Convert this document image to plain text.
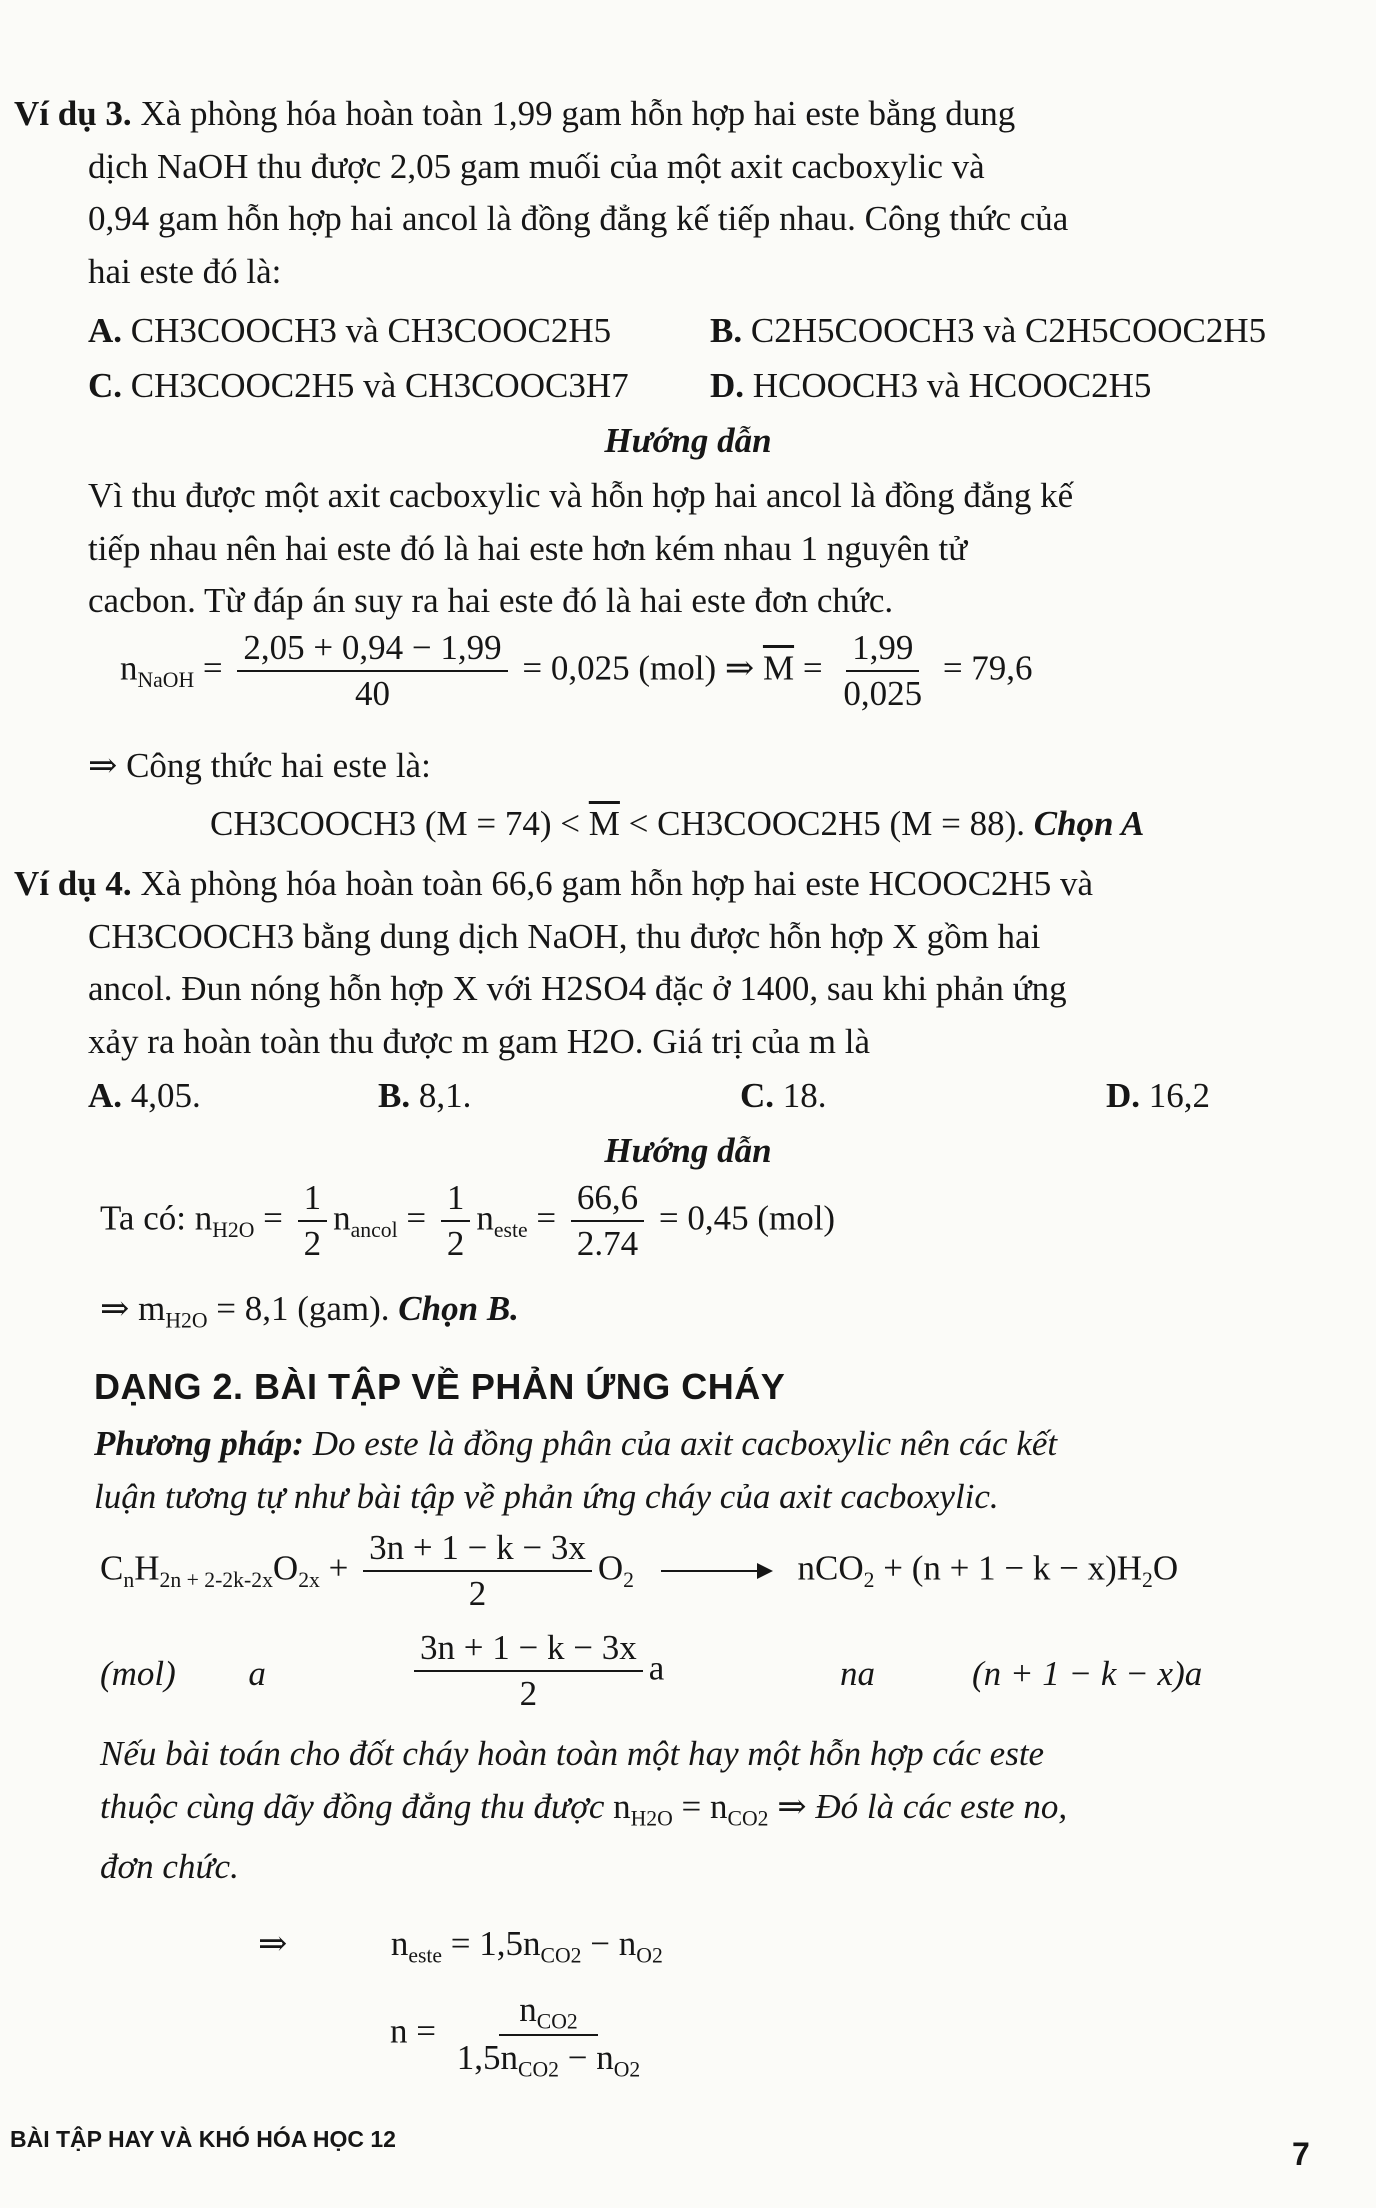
Ví dụ 3. Xà phòng hóa hoàn toàn 1,99 gam hỗn hợp hai este bằng dung

dịch NaOH thu được 2,05 gam muối của một axit cacboxylic và

0,94 gam hỗn hợp hai ancol là đồng đẳng kế tiếp nhau. Công thức của

hai este đó là:

A. CH3COOCH3 và CH3COOC2H5	B. C2H5COOCH3 và C2H5COOC2H5
C. CH3COOC2H5 và CH3COOC3H7 D. HCOOCH3 và HCOOC2H5
Hướng dẫn

Vì thu được một axit cacboxylic và hỗn hợp hai ancol là đồng đẳng kế

tiếp nhau nên hai este đó là hai este hơn kém nhau 1 nguyên tử

cacbon. Từ đáp án suy ra hai este đó là hai este đơn chức.

$n_{NaOH} = \frac{2,05 + 0,94 - 1,99}{40} = 0,025$ (mol) ⇒ $\overline{M} = \frac{1,99}{0,025} = 79,6$
⇒ Công thức hai este là:
CH3COOCH3 $(M = 74) < \overline{M}$ < CH3COOC2H5 (M = 88). Chọn A

Ví dụ 4. Xà phòng hóa hoàn toàn 66,6 gam hỗn hợp hai este HCOOC2H5 và

CH3COOCH3 bằng dung dịch NaOH, thu được hỗn hợp X gồm hai

ancol. Đun nóng hỗn hợp X với H2SO4 đặc ở 1400, sau khi phản ứng

xảy ra hoàn toàn thu được m gam H2O. Giá trị của m là

A. 4,05.	B. 8,1.	C. 18.	D. 16,2
Hướng dẫn
Ta có: $n_{H2O} = \frac{1}{2} n_{ancol} = \frac{1}{2} n_{este} = \frac{66,6}{2.74} = 0,45$ (mol)
⇒ $m_{H2O} = 8,1$ (gam). Chọn B.
DẠNG 2. BÀI TẬP VỀ PHẢN ỨNG CHÁY

Phương pháp: Do este là đồng phân của axit cacboxylic nên các kết

luận tương tự như bài tập về phản ứng cháy của axit cacboxylic.

$C_nH_{2n + 2-2k-2x}O_{2x} + \frac{3n + 1 - k - 3x}{2} O_2 \to nCO_2 + (n + 1 - k - x)H_2O$
(mol) a	$\frac{3n + 1 - k - 3x}{2}$ a	na	(n + 1 − k − x)a

Nếu bài toán cho đốt cháy hoàn toàn một hay một hỗn hợp các este

thuộc cùng dãy đồng đẳng thu được $n_{H2O} = n_{CO2}$ ⇒ Đó là các este no,

đơn chức.

⇒	$n_{este} = 1,5n_{CO2} - n_{O2}$
$n = \frac{n_{CO2}}{1,5n_{CO2} - n_{O2}}$
BÀI TẬP HAY VÀ KHÓ HÓA HỌC 12	7
